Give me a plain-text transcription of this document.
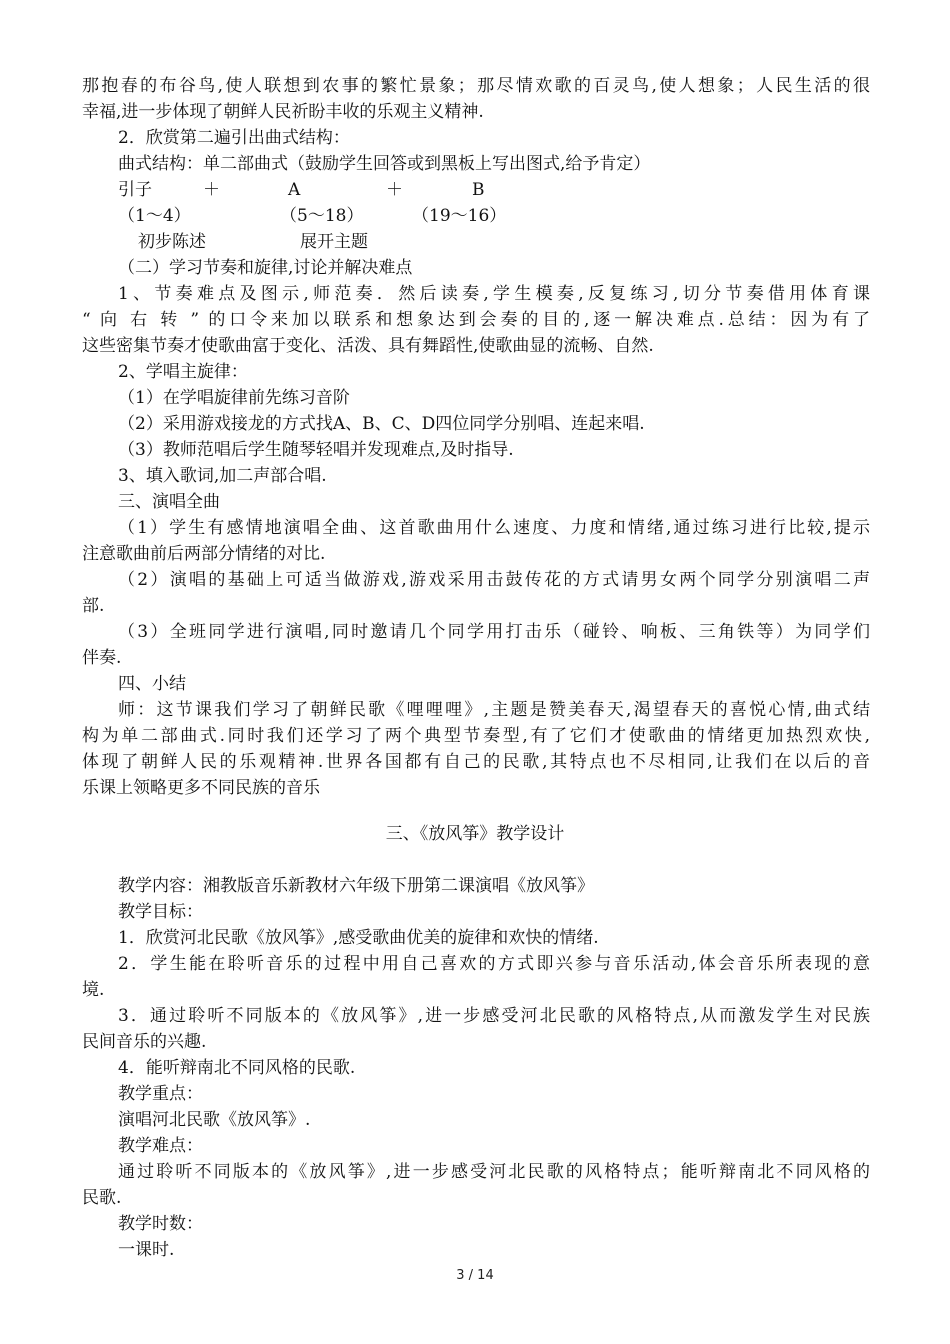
那抱春的布谷鸟,使人联想到农事的繁忙景象；那尽情欢歌的百灵鸟,使人想象；人民生活的很
幸福,进一步体现了朝鲜人民祈盼丰收的乐观主义精神.
2．欣赏第二遍引出曲式结构：
曲式结构：单二部曲式（鼓励学生回答或到黑板上写出图式,给予肯定）
引子	＋	A	＋	B
（1～4）	（5～18）	（19～16）
初步陈述	展开主题
（二）学习节奏和旋律,讨论并解决难点
1、节奏难点及图示,师范奏．然后读奏,学生模奏,反复练习,切分节奏借用体育课
“ 向 右 转 ” 的口令来加以联系和想象达到会奏的目的,逐一解决难点.总结：因为有了
这些密集节奏才使歌曲富于变化、活泼、具有舞蹈性,使歌曲显的流畅、自然.
2、学唱主旋律：
（1）在学唱旋律前先练习音阶
（2）采用游戏接龙的方式找A、B、C、D四位同学分别唱、连起来唱.
（3）教师范唱后学生随琴轻唱并发现难点,及时指导.
3、填入歌词,加二声部合唱.
三、演唱全曲
（1）学生有感情地演唱全曲、这首歌曲用什么速度、力度和情绪,通过练习进行比较,提示
注意歌曲前后两部分情绪的对比.
（2）演唱的基础上可适当做游戏,游戏采用击鼓传花的方式请男女两个同学分别演唱二声
部.
（3）全班同学进行演唱,同时邀请几个同学用打击乐（碰铃、响板、三角铁等）为同学们
伴奏.
四、小结
师：这节课我们学习了朝鲜民歌《哩哩哩》,主题是赞美春天,渴望春天的喜悦心情,曲式结
构为单二部曲式.同时我们还学习了两个典型节奏型,有了它们才使歌曲的情绪更加热烈欢快,
体现了朝鲜人民的乐观精神.世界各国都有自己的民歌,其特点也不尽相同,让我们在以后的音
乐课上领略更多不同民族的音乐
三、《放风筝》教学设计
教学内容：湘教版音乐新教材六年级下册第二课演唱《放风筝》
教学目标：
1．欣赏河北民歌《放风筝》,感受歌曲优美的旋律和欢快的情绪.
2．学生能在聆听音乐的过程中用自己喜欢的方式即兴参与音乐活动,体会音乐所表现的意
境.
3．通过聆听不同版本的《放风筝》,进一步感受河北民歌的风格特点,从而激发学生对民族
民间音乐的兴趣.
4．能听辩南北不同风格的民歌.
教学重点：
演唱河北民歌《放风筝》.
教学难点：
通过聆听不同版本的《放风筝》,进一步感受河北民歌的风格特点；能听辩南北不同风格的
民歌.
教学时数：
一课时.
3 / 14
